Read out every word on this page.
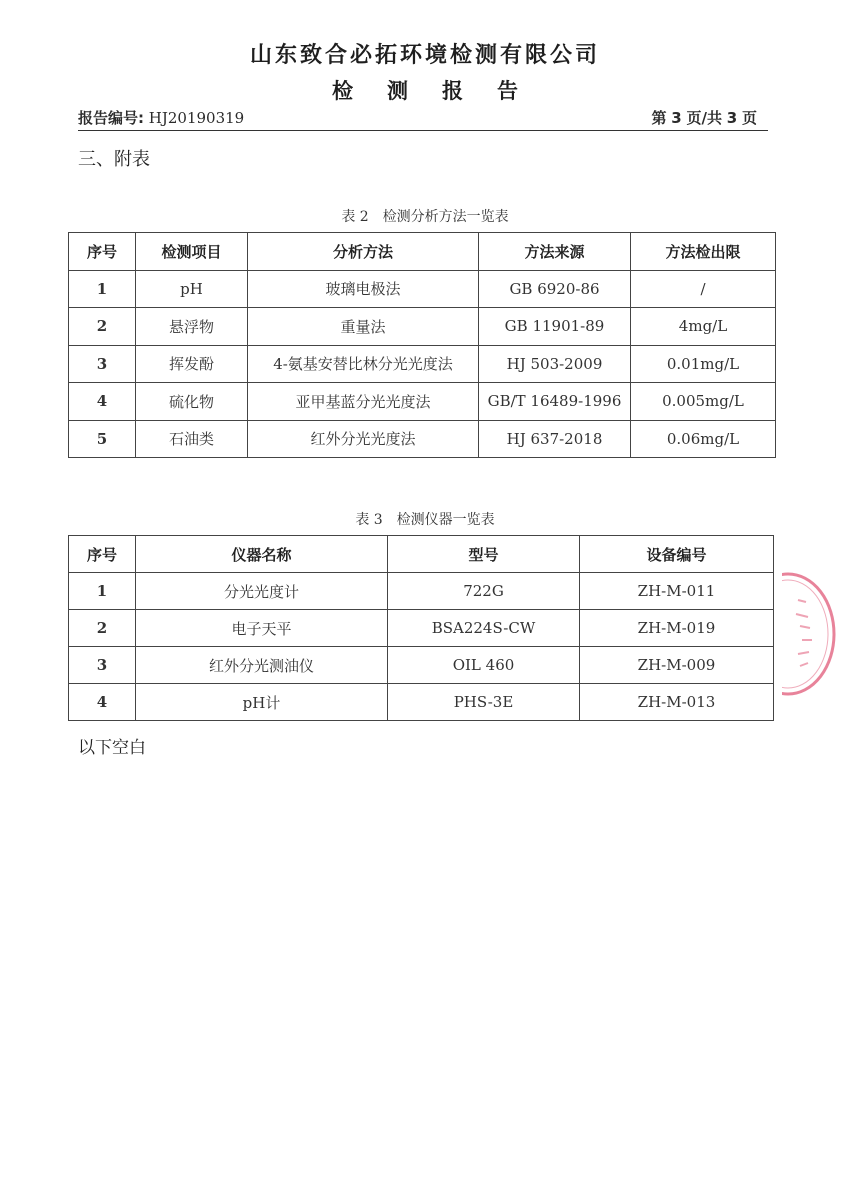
山东致合必拓环境检测有限公司
检 测 报 告
报告编号: HJ20190319	第 3 页/共 3 页
三、附表
表 2　检测分析方法一览表
序号	检测项目	分析方法	方法来源	方法检出限
1	pH	玻璃电极法	GB 6920-86	/
2	悬浮物	重量法	GB 11901-89	4mg/L
3	挥发酚	4-氨基安替比林分光光度法	HJ 503-2009	0.01mg/L
4	硫化物	亚甲基蓝分光光度法	GB/T 16489-1996	0.005mg/L
5	石油类	红外分光光度法	HJ 637-2018	0.06mg/L
表 3　检测仪器一览表
序号	仪器名称	型号	设备编号
1	分光光度计	722G	ZH-M-011
2	电子天平	BSA224S-CW	ZH-M-019
3	红外分光测油仪	OIL 460	ZH-M-009
4	pH计	PHS-3E	ZH-M-013
以下空白
